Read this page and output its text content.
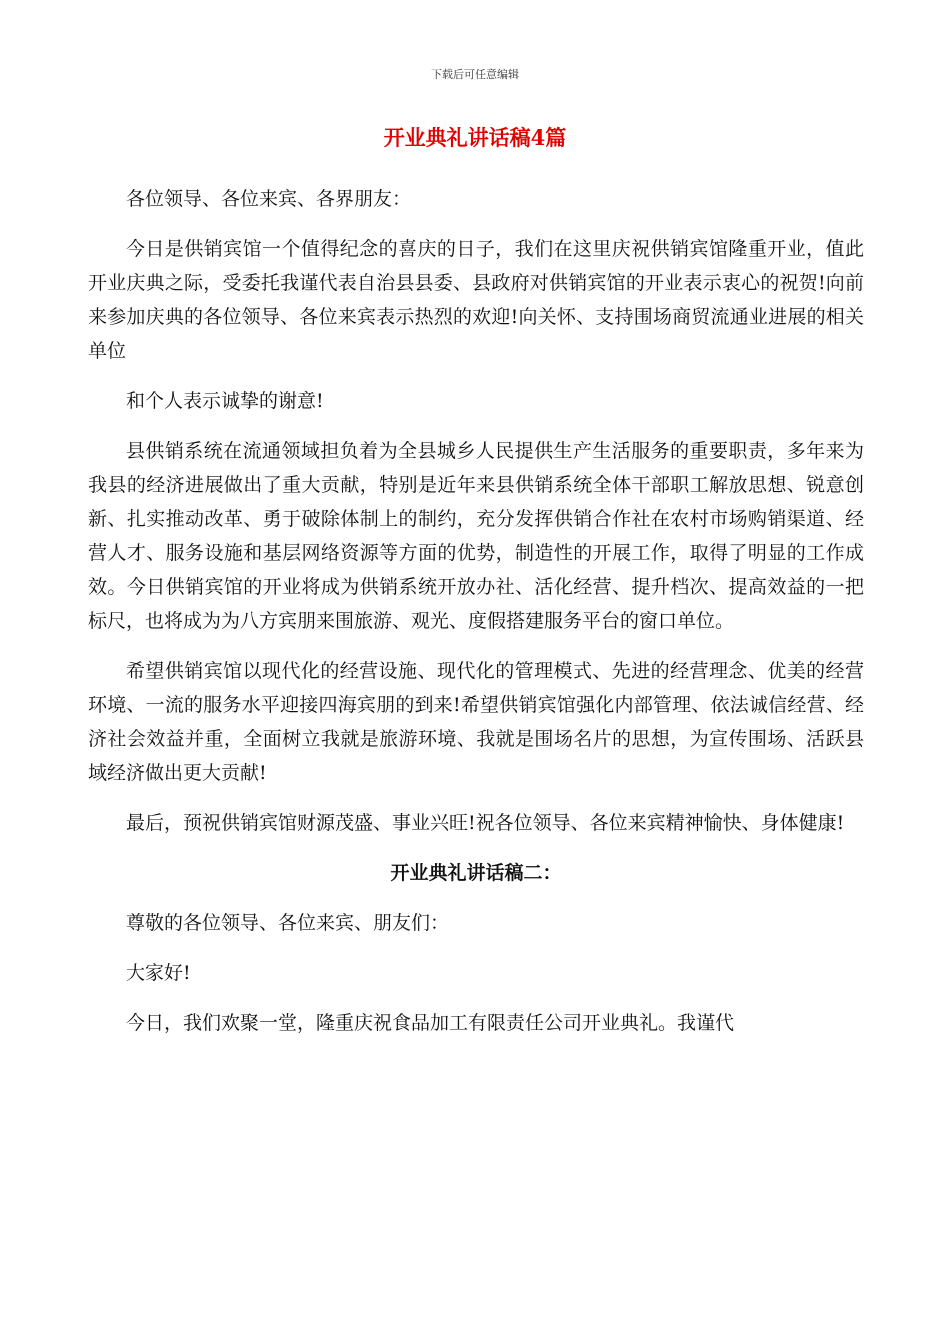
下载后可任意编辑
开业典礼讲话稿4篇

各位领导、各位来宾、各界朋友：

今日是供销宾馆一个值得纪念的喜庆的日子，我们在这里庆祝供销宾馆隆重开业，值此开业庆典之际，受委托我谨代表自治县县委、县政府对供销宾馆的开业表示衷心的祝贺!向前来参加庆典的各位领导、各位来宾表示热烈的欢迎!向关怀、支持围场商贸流通业进展的相关单位

和个人表示诚挚的谢意!

县供销系统在流通领域担负着为全县城乡人民提供生产生活服务的重要职责，多年来为我县的经济进展做出了重大贡献，特别是近年来县供销系统全体干部职工解放思想、锐意创新、扎实推动改革、勇于破除体制上的制约，充分发挥供销合作社在农村市场购销渠道、经营人才、服务设施和基层网络资源等方面的优势，制造性的开展工作，取得了明显的工作成效。今日供销宾馆的开业将成为供销系统开放办社、活化经营、提升档次、提高效益的一把标尺，也将成为为八方宾朋来围旅游、观光、度假搭建服务平台的窗口单位。

希望供销宾馆以现代化的经营设施、现代化的管理模式、先进的经营理念、优美的经营环境、一流的服务水平迎接四海宾朋的到来!希望供销宾馆强化内部管理、依法诚信经营、经济社会效益并重，全面树立我就是旅游环境、我就是围场名片的思想，为宣传围场、活跃县域经济做出更大贡献!

最后，预祝供销宾馆财源茂盛、事业兴旺!祝各位领导、各位来宾精神愉快、身体健康!

开业典礼讲话稿二：

尊敬的各位领导、各位来宾、朋友们：

大家好!

今日，我们欢聚一堂，隆重庆祝食品加工有限责任公司开业典礼。我谨代
